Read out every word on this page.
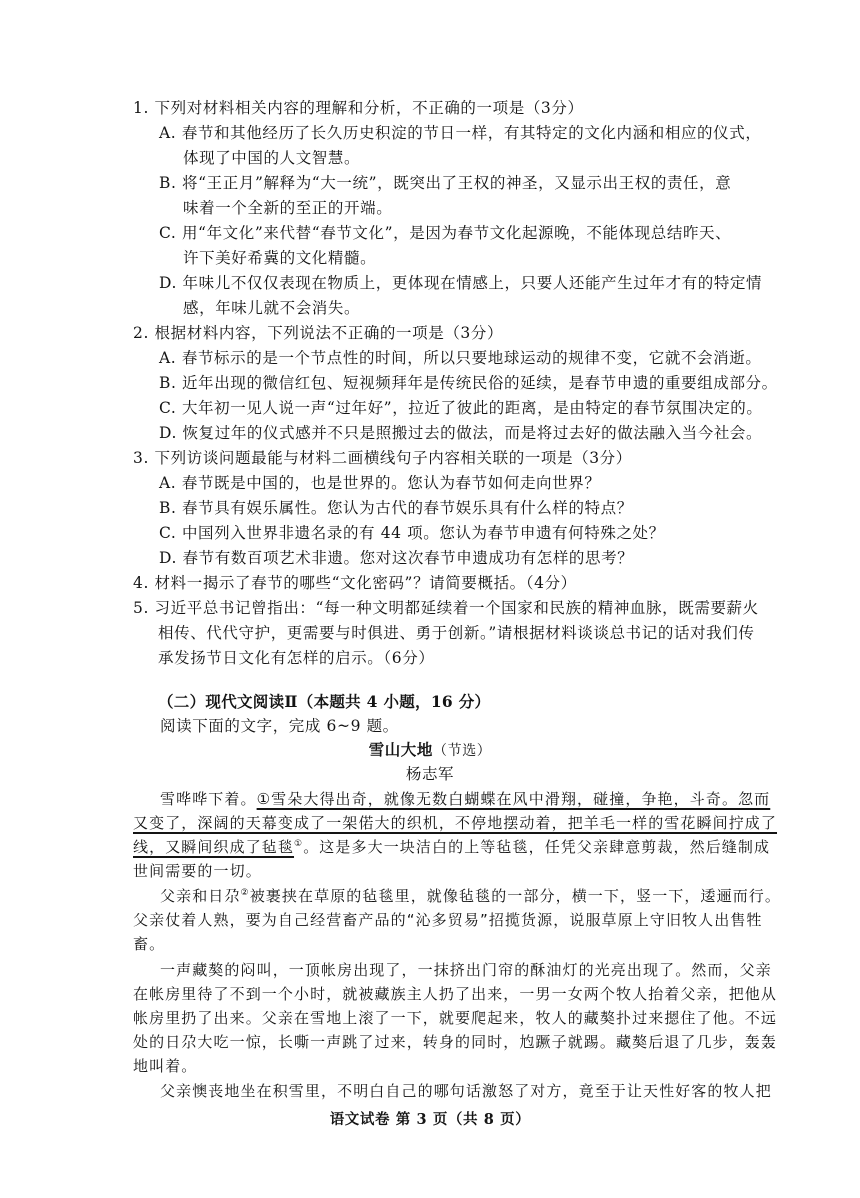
1. 下列对材料相关内容的理解和分析，不正确的一项是（3分）
A. 春节和其他经历了长久历史积淀的节日一样，有其特定的文化内涵和相应的仪式，
体现了中国的人文智慧。
B. 将“王正月”解释为“大一统”，既突出了王权的神圣，又显示出王权的责任，意
味着一个全新的至正的开端。
C. 用“年文化”来代替“春节文化”，是因为春节文化起源晚，不能体现总结昨天、
许下美好希冀的文化精髓。
D. 年味儿不仅仅表现在物质上，更体现在情感上，只要人还能产生过年才有的特定情
感，年味儿就不会消失。
2. 根据材料内容，下列说法不正确的一项是（3分）
A. 春节标示的是一个节点性的时间，所以只要地球运动的规律不变，它就不会消逝。
B. 近年出现的微信红包、短视频拜年是传统民俗的延续，是春节申遗的重要组成部分。
C. 大年初一见人说一声“过年好”，拉近了彼此的距离，是由特定的春节氛围决定的。
D. 恢复过年的仪式感并不只是照搬过去的做法，而是将过去好的做法融入当今社会。
3. 下列访谈问题最能与材料二画横线句子内容相关联的一项是（3分）
A. 春节既是中国的，也是世界的。您认为春节如何走向世界？
B. 春节具有娱乐属性。您认为古代的春节娱乐具有什么样的特点？
C. 中国列入世界非遗名录的有 44 项。您认为春节申遗有何特殊之处？
D. 春节有数百项艺术非遗。您对这次春节申遗成功有怎样的思考？
4. 材料一揭示了春节的哪些“文化密码”？请简要概括。（4分）
5. 习近平总书记曾指出：“每一种文明都延续着一个国家和民族的精神血脉，既需要薪火
相传、代代守护，更需要与时俱进、勇于创新。”请根据材料谈谈总书记的话对我们传
承发扬节日文化有怎样的启示。（6分）
（二）现代文阅读Ⅱ（本题共 4 小题，16 分）
阅读下面的文字，完成 6~9 题。
雪山大地（节选）
杨志军
雪哗哗下着。①雪朵大得出奇，就像无数白蝴蝶在风中滑翔，碰撞，争艳，斗奇。忽而
又变了，深阔的天幕变成了一架偌大的织机，不停地摆动着，把羊毛一样的雪花瞬间拧成了
线，又瞬间织成了毡毯①。这是多大一块洁白的上等毡毯，任凭父亲肆意剪裁，然后缝制成
世间需要的一切。
父亲和日尕②被裹挟在草原的毡毯里，就像毡毯的一部分，横一下，竖一下，逶逦而行。
父亲仗着人熟，要为自己经营畜产品的“沁多贸易”招揽货源，说服草原上守旧牧人出售牲
畜。
一声藏獒的闷叫，一顶帐房出现了，一抹挤出门帘的酥油灯的光亮出现了。然而，父亲
在帐房里待了不到一个小时，就被藏族主人扔了出来，一男一女两个牧人抬着父亲，把他从
帐房里扔了出来。父亲在雪地上滚了一下，就要爬起来，牧人的藏獒扑过来摁住了他。不远
处的日尕大吃一惊，长嘶一声跳了过来，转身的同时，尥蹶子就踢。藏獒后退了几步，轰轰
地叫着。
父亲懊丧地坐在积雪里，不明白自己的哪句话激怒了对方，竟至于让天性好客的牧人把
语文试卷 第 3 页（共 8 页）
